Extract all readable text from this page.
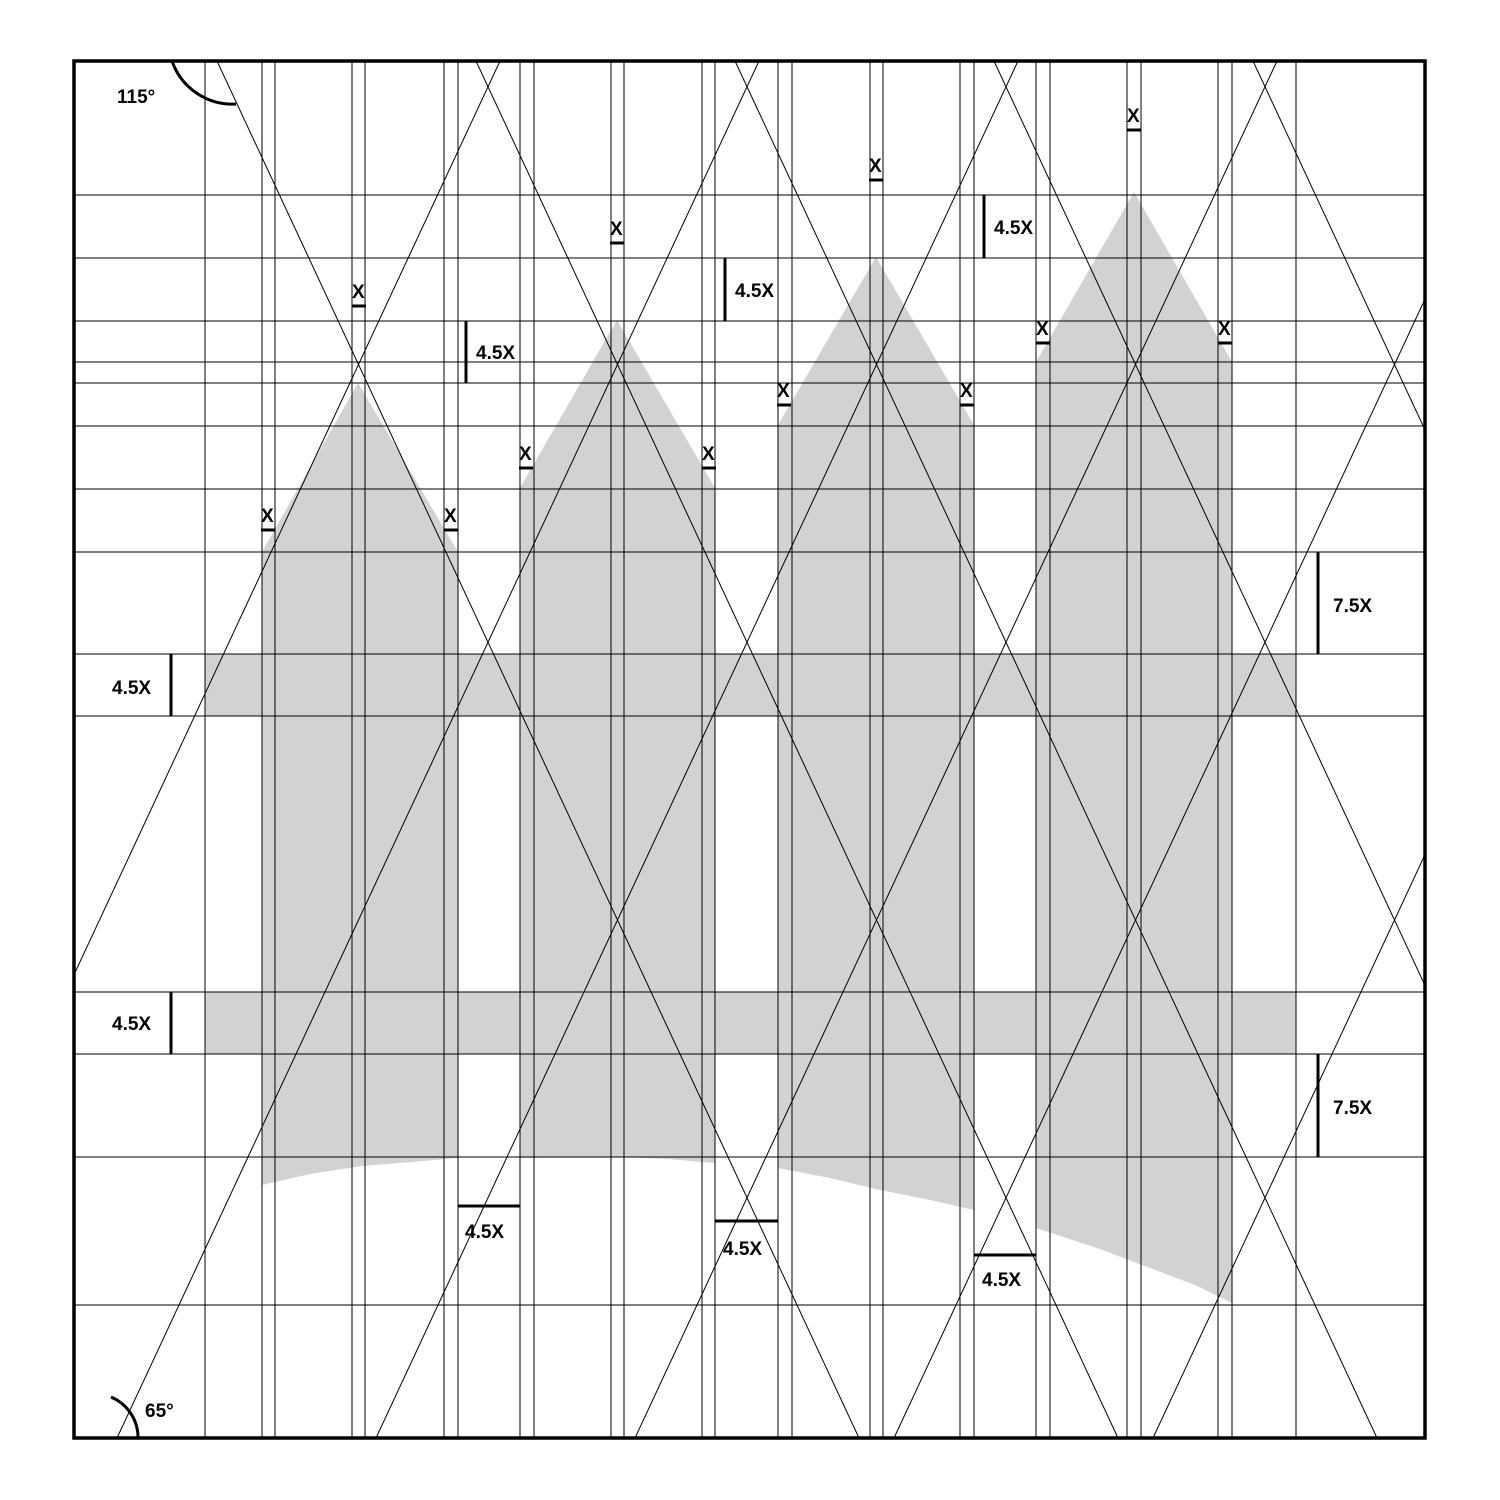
115°
65°
4.5X
4.5X
7.5X
7.5X
4.5X
4.5X
4.5X
4.5X
4.5X
4.5X
X
X
X
X
X	X
X	X
X	X
X	X
